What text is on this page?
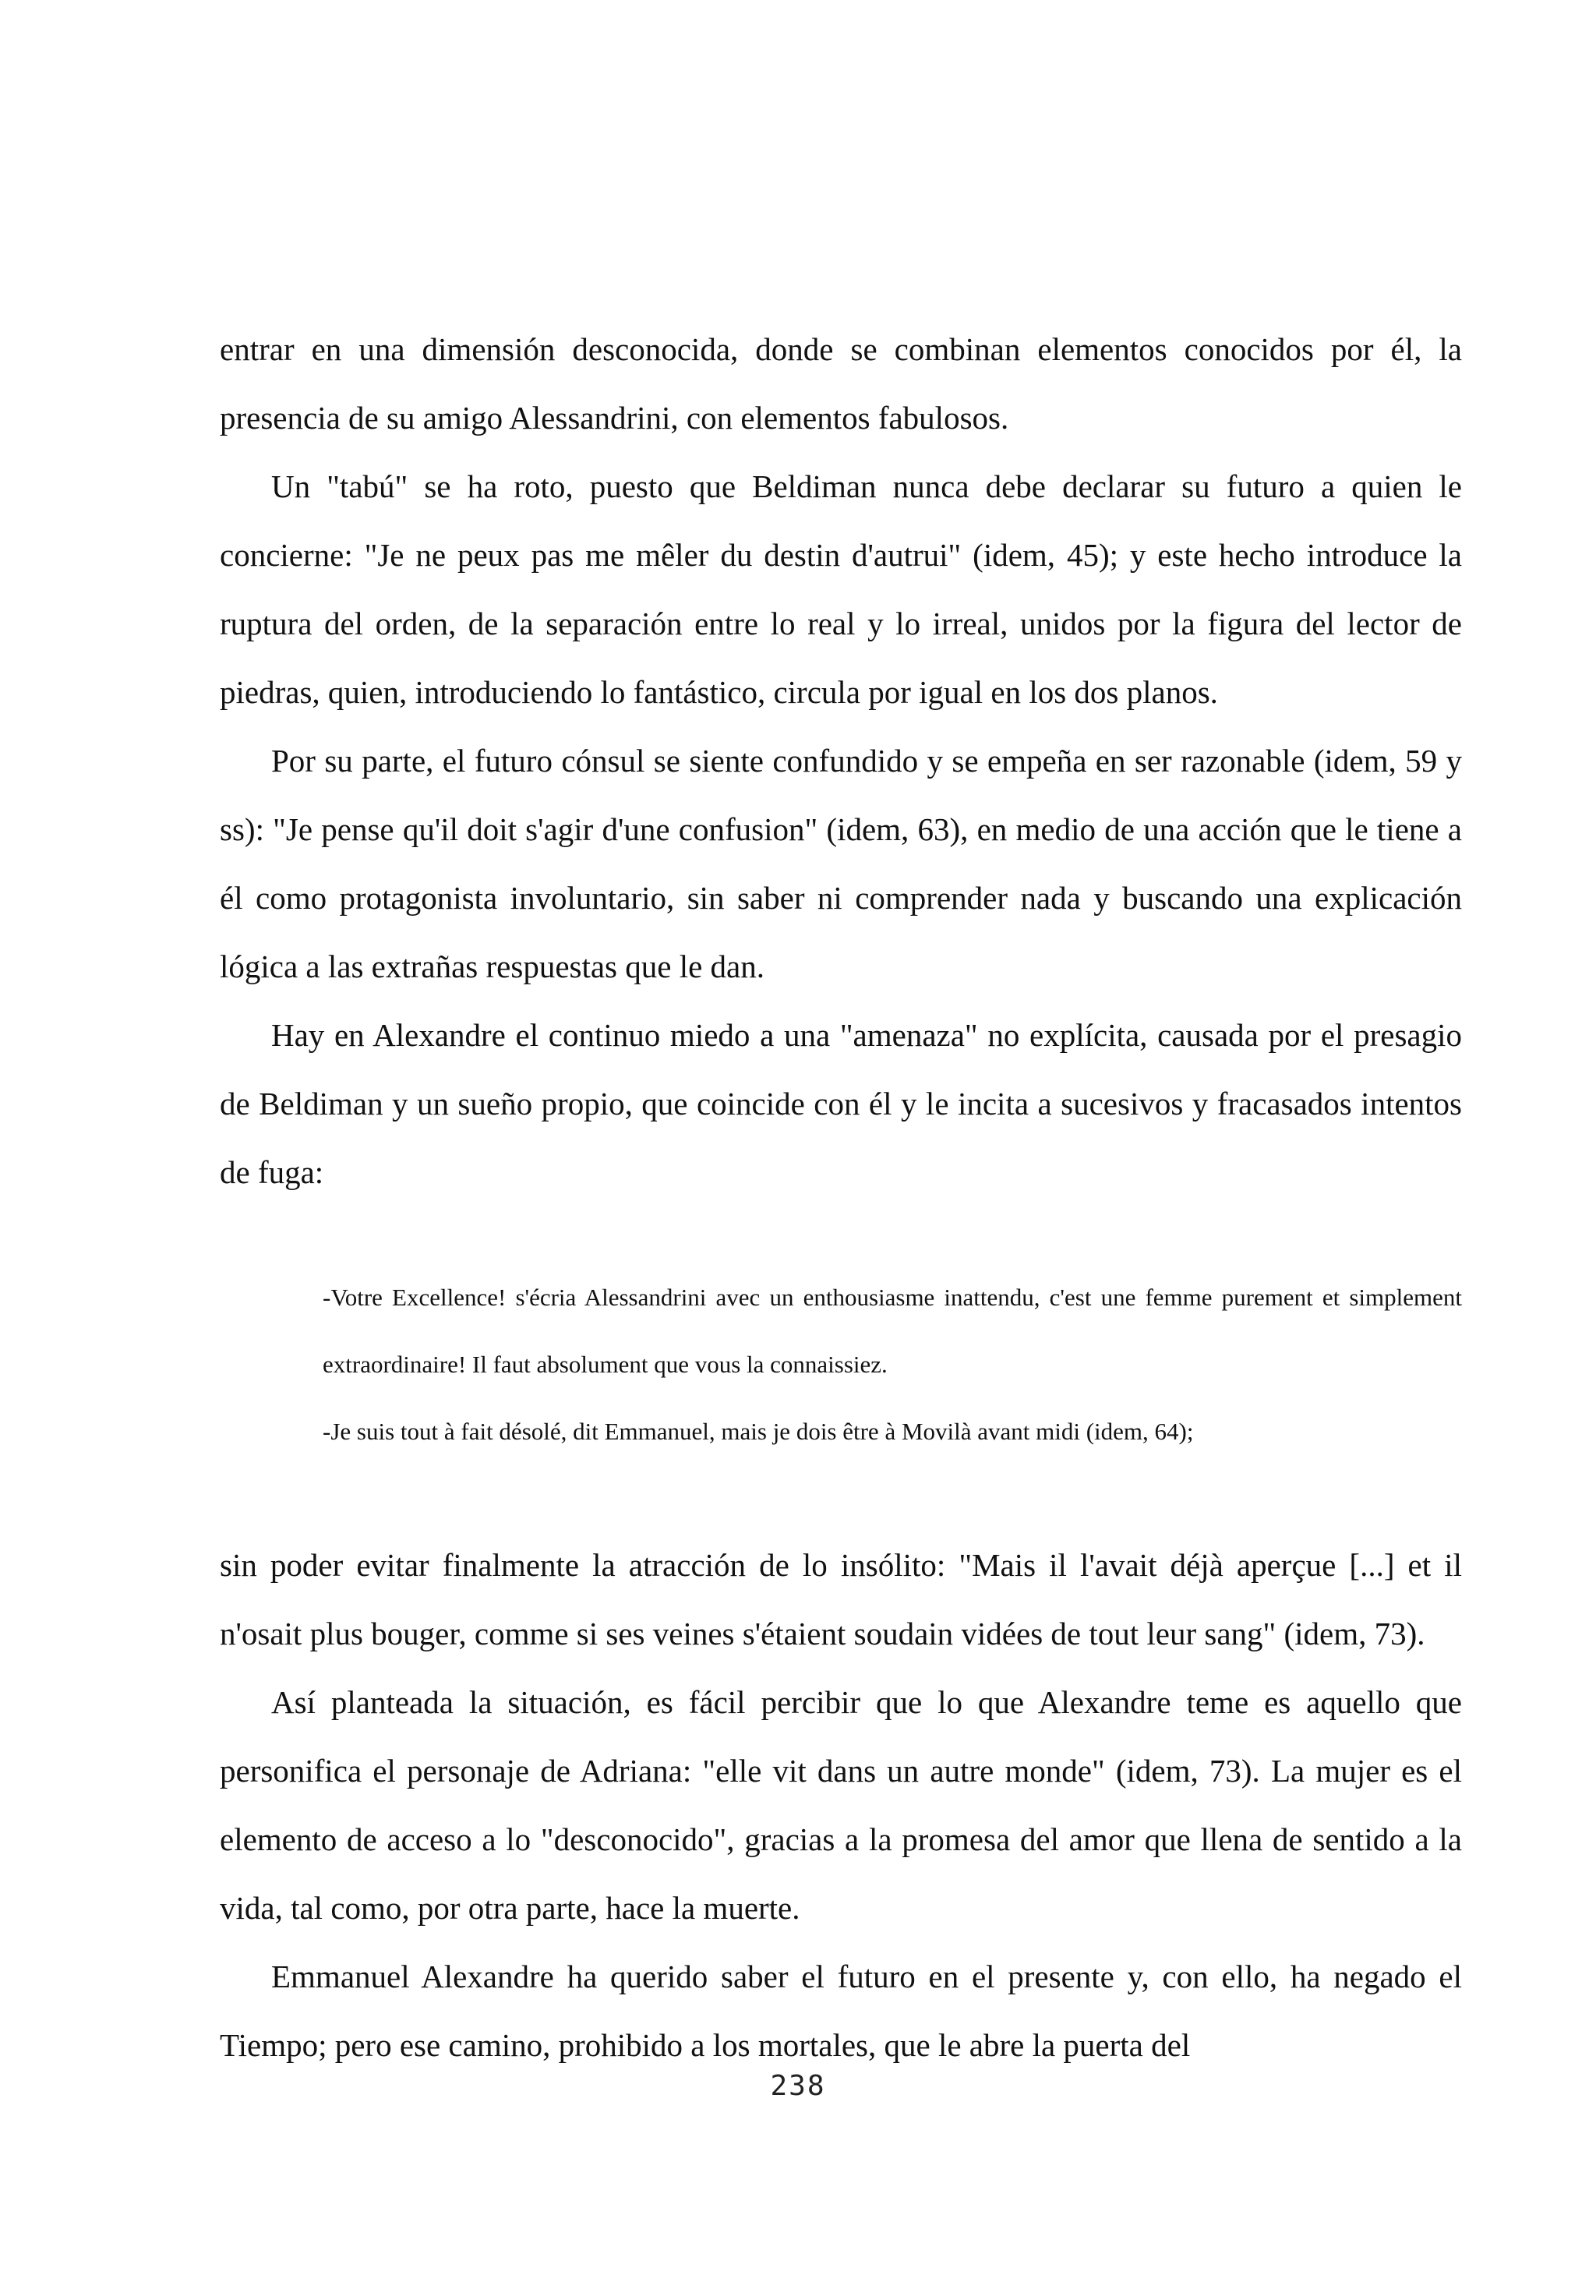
entrar en una dimensión desconocida, donde se combinan elementos conocidos por él, la presencia de su amigo Alessandrini, con elementos fabulosos.

Un "tabú" se ha roto, puesto que Beldiman nunca debe declarar su futuro a quien le concierne: "Je ne peux pas me mêler du destin d'autrui" (idem, 45); y este hecho introduce la ruptura del orden, de la separación entre lo real y lo irreal, unidos por la figura del lector de piedras, quien, introduciendo lo fantástico, circula por igual en los dos planos.

Por su parte, el futuro cónsul se siente confundido y se empeña en ser razonable (idem, 59 y ss): "Je pense qu'il doit s'agir d'une confusion" (idem, 63), en medio de una acción que le tiene a él como protagonista involuntario, sin saber ni comprender nada y buscando una explicación lógica a las extrañas respuestas que le dan.

Hay en Alexandre el continuo miedo a una "amenaza" no explícita, causada por el presagio de Beldiman y un sueño propio, que coincide con él y le incita a sucesivos y fracasados intentos de fuga:

-Votre Excellence! s'écria Alessandrini avec un enthousiasme inattendu, c'est une femme purement et simplement extraordinaire! Il faut absolument que vous la connaissiez.

-Je suis tout à fait désolé, dit Emmanuel, mais je dois être à Movilà avant midi (idem, 64);

sin poder evitar finalmente la atracción de lo insólito: "Mais il l'avait déjà aperçue [...] et il n'osait plus bouger, comme si ses veines s'étaient soudain vidées de tout leur sang" (idem, 73).

Así planteada la situación, es fácil percibir que lo que Alexandre teme es aquello que personifica el personaje de Adriana: "elle vit dans un autre monde" (idem, 73). La mujer es el elemento de acceso a lo "desconocido", gracias a la promesa del amor que llena de sentido a la vida, tal como, por otra parte, hace la muerte.

Emmanuel Alexandre ha querido saber el futuro en el presente y, con ello, ha negado el Tiempo; pero ese camino, prohibido a los mortales, que le abre la puerta del

238
